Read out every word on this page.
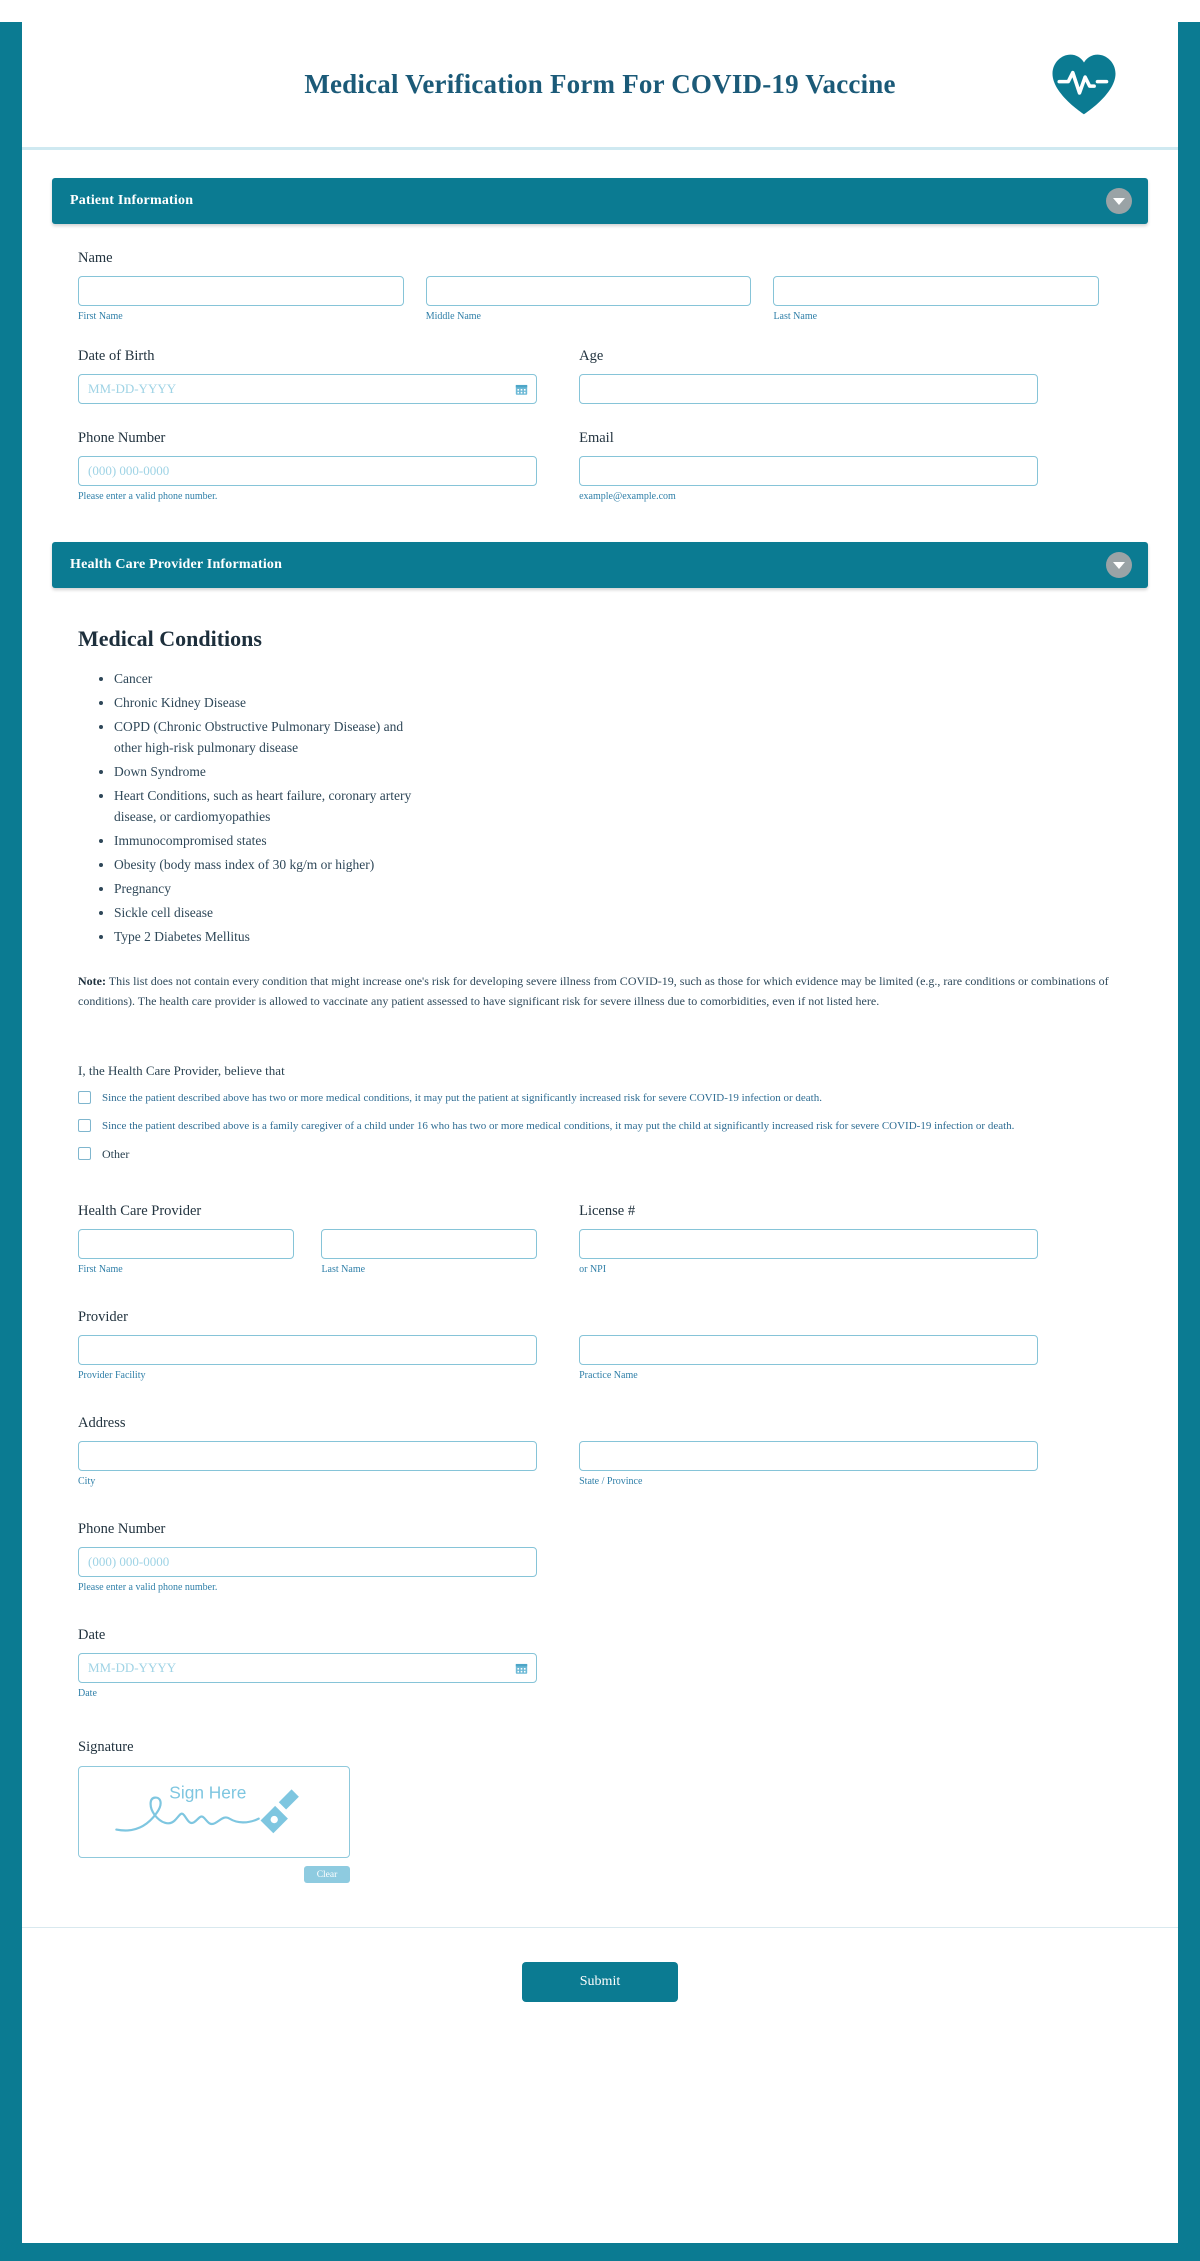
Medical Verification Form For COVID-19 Vaccine
Patient Information
Name
First Name	Middle Name	Last Name
Date of Birth
MM-DD-YYYY	Age
Phone Number
(000) 000-0000
Please enter a valid phone number.
Email
example@example.com
Health Care Provider Information
Medical Conditions
• Cancer
• Chronic Kidney Disease
• COPD (Chronic Obstructive Pulmonary Disease) and other high-risk pulmonary disease
• Down Syndrome
• Heart Conditions, such as heart failure, coronary artery disease, or cardiomyopathies
• Immunocompromised states
• Obesity (body mass index of 30 kg/m or higher)
• Pregnancy
• Sickle cell disease
• Type 2 Diabetes Mellitus

Note: This list does not contain every condition that might increase one's risk for developing severe illness from COVID-19, such as those for which evidence may be limited (e.g., rare conditions or combinations of conditions). The health care provider is allowed to vaccinate any patient assessed to have significant risk for severe illness due to comorbidities, even if not listed here.

I, the Health Care Provider, believe that
Since the patient described above has two or more medical conditions, it may put the patient at significantly increased risk for severe COVID-19 infection or death.
Since the patient described above is a family caregiver of a child under 16 who has two or more medical conditions, it may put the child at significantly increased risk for severe COVID-19 infection or death.
Other
Health Care Provider
First Name	Last Name
License #
or NPI
Provider
Provider Facility	Practice Name
Address
City	State / Province
Phone Number
(000) 000-0000
Please enter a valid phone number.
Date
MM-DD-YYYY
Date
Signature
Sign Here
Clear
Submit
